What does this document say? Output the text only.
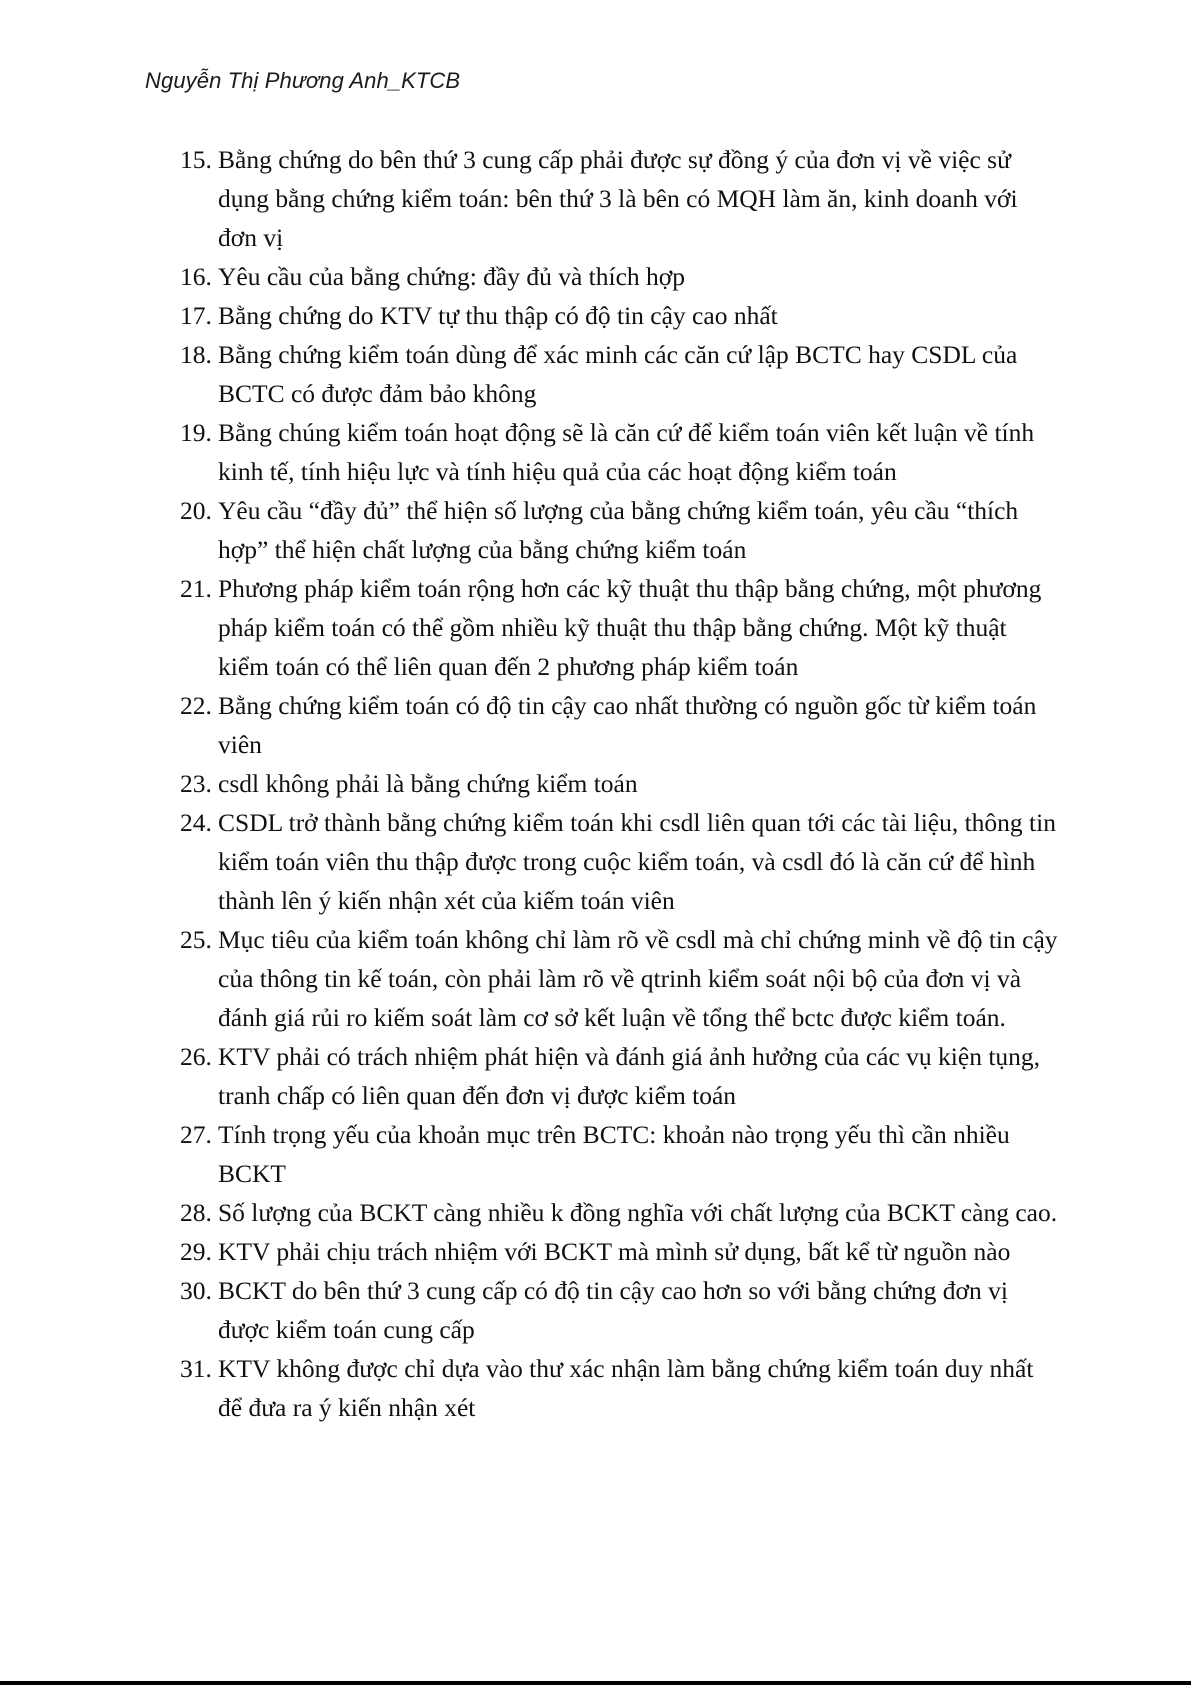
Nguyễn Thị Phương Anh_KTCB
15. Bằng chứng do bên thứ 3 cung cấp phải được sự đồng ý của đơn vị về việc sử dụng bằng chứng kiểm toán: bên thứ 3 là bên có MQH làm ăn, kinh doanh với đơn vị
16. Yêu cầu của bằng chứng: đầy đủ và thích hợp
17. Bằng chứng do KTV tự thu thập có độ tin cậy cao nhất
18. Bằng chứng kiểm toán dùng để xác minh các căn cứ lập BCTC hay CSDL của BCTC có được đảm bảo không
19. Bằng chúng kiểm toán hoạt động sẽ là căn cứ để kiểm toán viên kết luận về tính kinh tế, tính hiệu lực và tính hiệu quả của các hoạt động kiểm toán
20. Yêu cầu “đầy đủ” thể hiện số lượng của bằng chứng kiểm toán, yêu cầu “thích hợp” thể hiện chất lượng của bằng chứng kiểm toán
21. Phương pháp kiểm toán rộng hơn các kỹ thuật thu thập bằng chứng, một phương pháp kiểm toán có thể gồm nhiều kỹ thuật thu thập bằng chứng. Một kỹ thuật kiểm toán có thể liên quan đến 2 phương pháp kiểm toán
22. Bằng chứng kiểm toán có độ tin cậy cao nhất thường có nguồn gốc từ kiểm toán viên
23. csdl không phải là bằng chứng kiểm toán
24. CSDL trở thành bằng chứng kiểm toán khi csdl liên quan tới các tài liệu, thông tin kiểm toán viên thu thập được trong cuộc kiểm toán, và csdl đó là căn cứ để hình thành lên ý kiến nhận xét của kiếm toán viên
25. Mục tiêu của kiểm toán không chỉ làm rõ về csdl mà chỉ chứng minh về độ tin cậy của thông tin kế toán, còn phải làm rõ về qtrinh kiểm soát nội bộ của đơn vị và đánh giá rủi ro kiếm soát làm cơ sở kết luận về tổng thể bctc được kiểm toán.
26. KTV phải có trách nhiệm phát hiện và đánh giá ảnh hưởng của các vụ kiện tụng, tranh chấp có liên quan đến đơn vị được kiểm toán
27. Tính trọng yếu của khoản mục trên BCTC: khoản nào trọng yếu thì cần nhiều BCKT
28. Số lượng của BCKT càng nhiều k đồng nghĩa với chất lượng của BCKT càng cao.
29. KTV phải chịu trách nhiệm với BCKT mà mình sử dụng, bất kể từ nguồn nào
30. BCKT do bên thứ 3 cung cấp có độ tin cậy cao hơn so với bằng chứng đơn vị được kiểm toán cung cấp
31. KTV không được chỉ dựa vào thư xác nhận làm bằng chứng kiểm toán duy nhất để đưa ra ý kiến nhận xét
